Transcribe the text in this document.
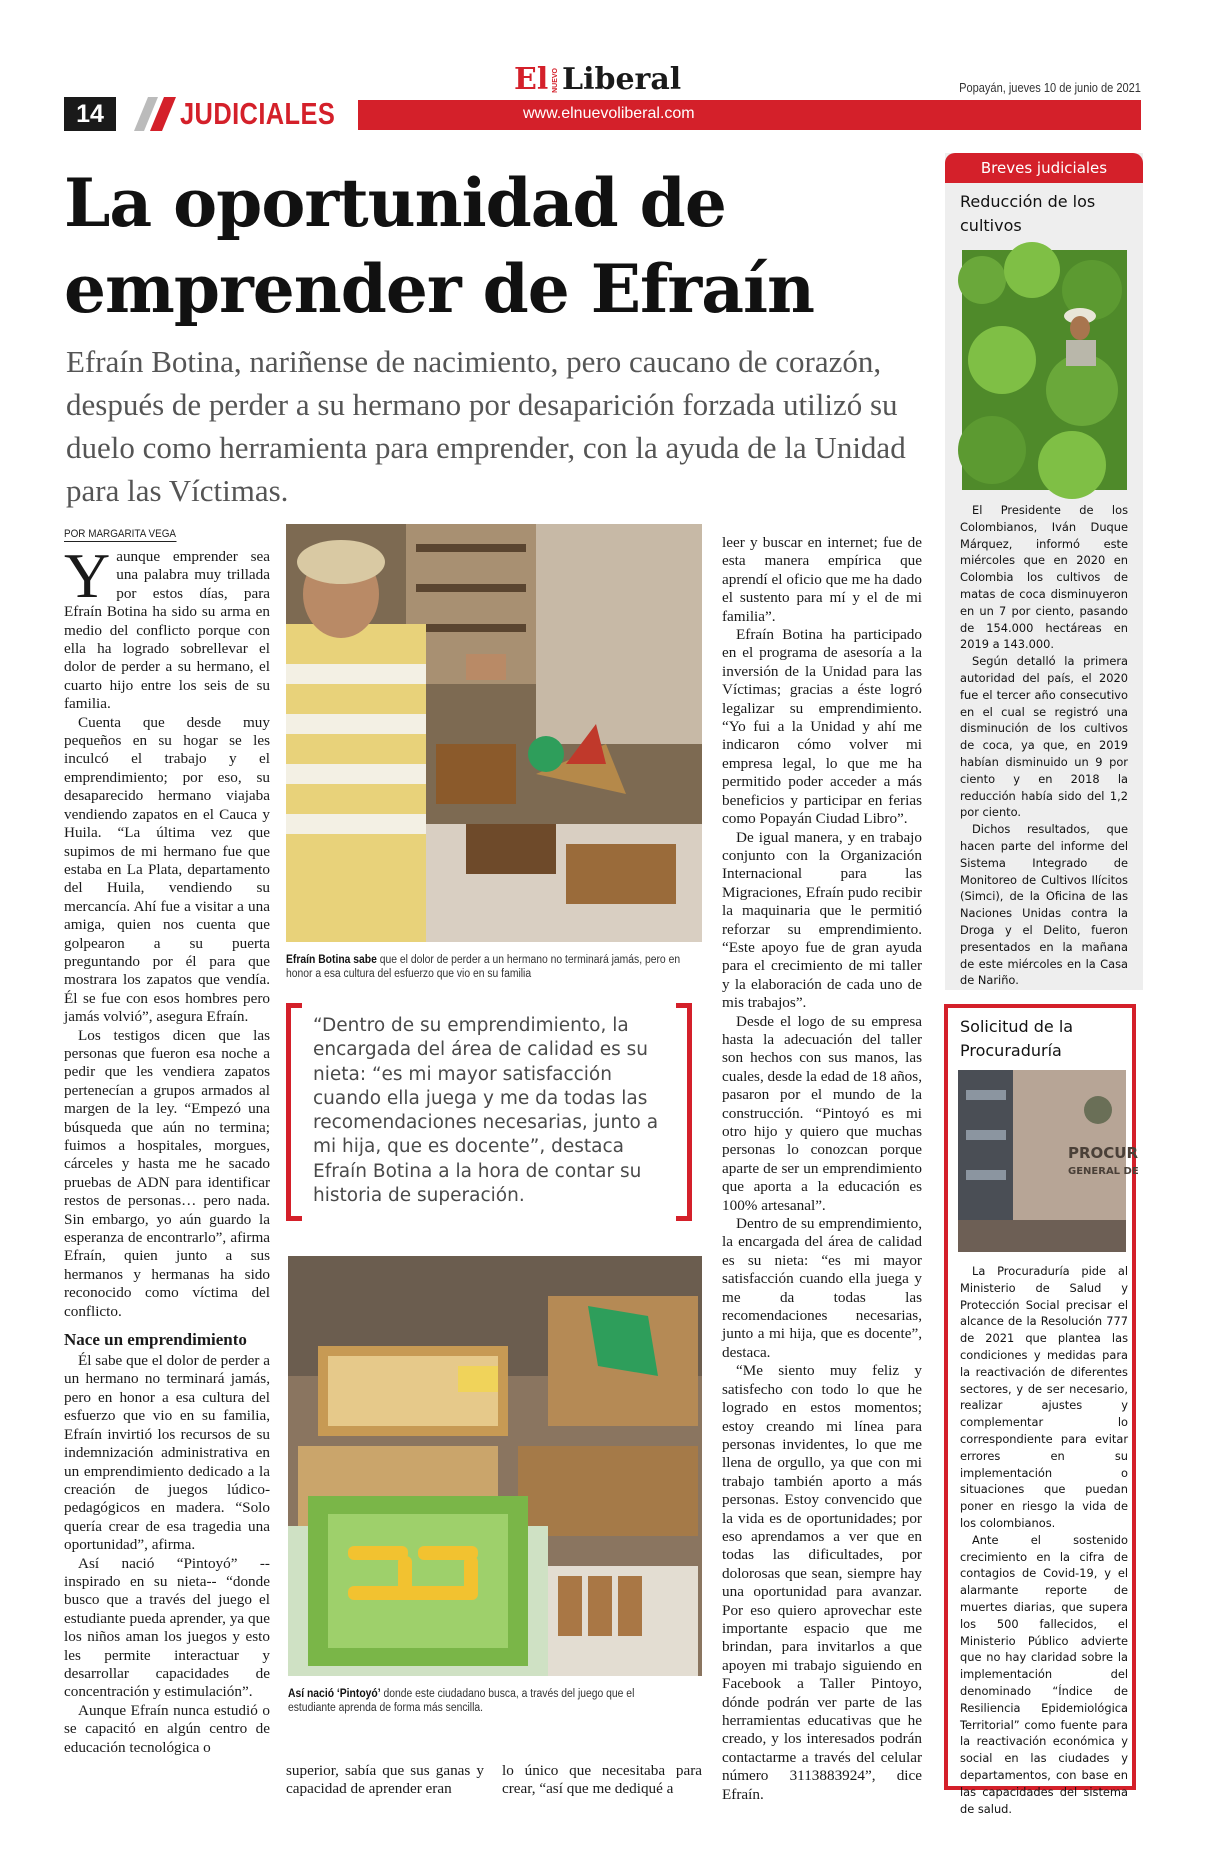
14	JUDICIALES	www.elnuevoliberal.com
El NUEVO Liberal	Popayán, jueves 10 de junio de 2021
La oportunidad de emprender de Efraín
Efraín Botina, nariñense de nacimiento, pero caucano de corazón, después de perder a su hermano por desaparición forzada utilizó su duelo como herramienta para emprender, con la ayuda de la Unidad para las Víctimas.
POR MARGARITA VEGA

Yaunque emprender sea una palabra muy trillada por estos días, para Efraín Botina ha sido su arma en medio del conflicto porque con ella ha logrado sobrellevar el dolor de perder a su hermano, el cuarto hijo entre los seis de su familia.

Cuenta que desde muy pequeños en su hogar se les inculcó el trabajo y el emprendimiento; por eso, su desaparecido hermano viajaba vendiendo zapatos en el Cauca y Huila. “La última vez que supimos de mi hermano fue que estaba en La Plata, departamento del Huila, vendiendo su mercancía. Ahí fue a visitar a una amiga, quien nos cuenta que golpearon a su puerta preguntando por él para que mostrara los zapatos que vendía. Él se fue con esos hombres pero jamás volvió”, asegura Efraín.

Los testigos dicen que las personas que fueron esa noche a pedir que les vendiera zapatos pertenecían a grupos armados al margen de la ley. “Empezó una búsqueda que aún no termina; fuimos a hospitales, morgues, cárceles y hasta me he sacado pruebas de ADN para identificar restos de personas… pero nada. Sin embargo, yo aún guardo la esperanza de encontrarlo”, afirma Efraín, quien junto a sus hermanos y hermanas ha sido reconocido como víctima del conflicto.

Nace un emprendimiento

Él sabe que el dolor de perder a un hermano no terminará jamás, pero en honor a esa cultura del esfuerzo que vio en su familia, Efraín invirtió los recursos de su indemnización administrativa en un emprendimiento dedicado a la creación de juegos lúdico-pedagógicos en madera. “Solo quería crear de esa tragedia una oportunidad”, afirma.

Así nació “Pintoyó” --inspirado en su nieta-- “donde busco que a través del juego el estudiante pueda aprender, ya que los niños aman los juegos y esto les permite interactuar y desarrollar capacidades de concentración y estimulación”.

Aunque Efraín nunca estudió o se capacitó en algún centro de educación tecnológica o

Efraín Botina sabe que el dolor de perder a un hermano no terminará jamás, pero en honor a esa cultura del esfuerzo que vio en su familia
“Dentro de su emprendimiento, la encargada del área de calidad es su nieta: “es mi mayor satisfacción cuando ella juega y me da todas las recomendaciones necesarias, junto a mi hija, que es docente”, destaca Efraín Botina a la hora de contar su historia de superación.
Así nació ‘Pintoyó’ donde este ciudadano busca, a través del juego que el estudiante aprenda de forma más sencilla.

superior, sabía que sus ganas y capacidad de aprender eran

lo único que necesitaba para crear, “así que me dediqué a

leer y buscar en internet; fue de esta manera empírica que aprendí el oficio que me ha dado el sustento para mí y el de mi familia”.

Efraín Botina ha participado en el programa de asesoría a la inversión de la Unidad para las Víctimas; gracias a éste logró legalizar su emprendimiento. “Yo fui a la Unidad y ahí me indicaron cómo volver mi empresa legal, lo que me ha permitido poder acceder a más beneficios y participar en ferias como Popayán Ciudad Libro”.

De igual manera, y en trabajo conjunto con la Organización Internacional para las Migraciones, Efraín pudo recibir la maquinaria que le permitió reforzar su emprendimiento. “Este apoyo fue de gran ayuda para el crecimiento de mi taller y la elaboración de cada uno de mis trabajos”.

Desde el logo de su empresa hasta la adecuación del taller son hechos con sus manos, las cuales, desde la edad de 18 años, pasaron por el mundo de la construcción. “Pintoyó es mi otro hijo y quiero que muchas personas lo conozcan porque aparte de ser un emprendimiento que aporta a la educación es 100% artesanal”.

Dentro de su emprendimiento, la encargada del área de calidad es su nieta: “es mi mayor satisfacción cuando ella juega y me da todas las recomendaciones necesarias, junto a mi hija, que es docente”, destaca.

“Me siento muy feliz y satisfecho con todo lo que he logrado en estos momentos; estoy creando mi línea para personas invidentes, lo que me llena de orgullo, ya que con mi trabajo también aporto a más personas. Estoy convencido que la vida es de oportunidades; por eso aprendamos a ver que en todas las dificultades, por dolorosas que sean, siempre hay una oportunidad para avanzar. Por eso quiero aprovechar este importante espacio que me brindan, para invitarlos a que apoyen mi trabajo siguiendo en Facebook a Taller Pintoyo, dónde podrán ver parte de las herramientas educativas que he creado, y los interesados podrán contactarme a través del celular número 3113883924”, dice Efraín.

Breves judiciales
Reducción de los cultivos

El Presidente de los Colombianos, Iván Duque Márquez, informó este miércoles que en 2020 en Colombia los cultivos de matas de coca disminuyeron en un 7 por ciento, pasando de 154.000 hectáreas en 2019 a 143.000.

Según detalló la primera autoridad del país, el 2020 fue el tercer año consecutivo en el cual se registró una disminución de los cultivos de coca, ya que, en 2019 habían disminuido un 9 por ciento y en 2018 la reducción había sido del 1,2 por ciento.

Dichos resultados, que hacen parte del informe del Sistema Integrado de Monitoreo de Cultivos Ilícitos (Simci), de la Oficina de las Naciones Unidas contra la Droga y el Delito, fueron presentados en la mañana de este miércoles en la Casa de Nariño.

Solicitud de la Procuraduría
PROCUR
GENERAL DE

La Procuraduría pide al Ministerio de Salud y Protección Social precisar el alcance de la Resolución 777 de 2021 que plantea las condiciones y medidas para la reactivación de diferentes sectores, y de ser necesario, realizar ajustes y complementar lo correspondiente para evitar errores en su implementación o situaciones que puedan poner en riesgo la vida de los colombianos.

Ante el sostenido crecimiento en la cifra de contagios de Covid-19, y el alarmante reporte de muertes diarias, que supera los 500 fallecidos, el Ministerio Público advierte que no hay claridad sobre la implementación del denominado “Índice de Resiliencia Epidemiológica Territorial” como fuente para la reactivación económica y social en las ciudades y departamentos, con base en las capacidades del sistema de salud.
